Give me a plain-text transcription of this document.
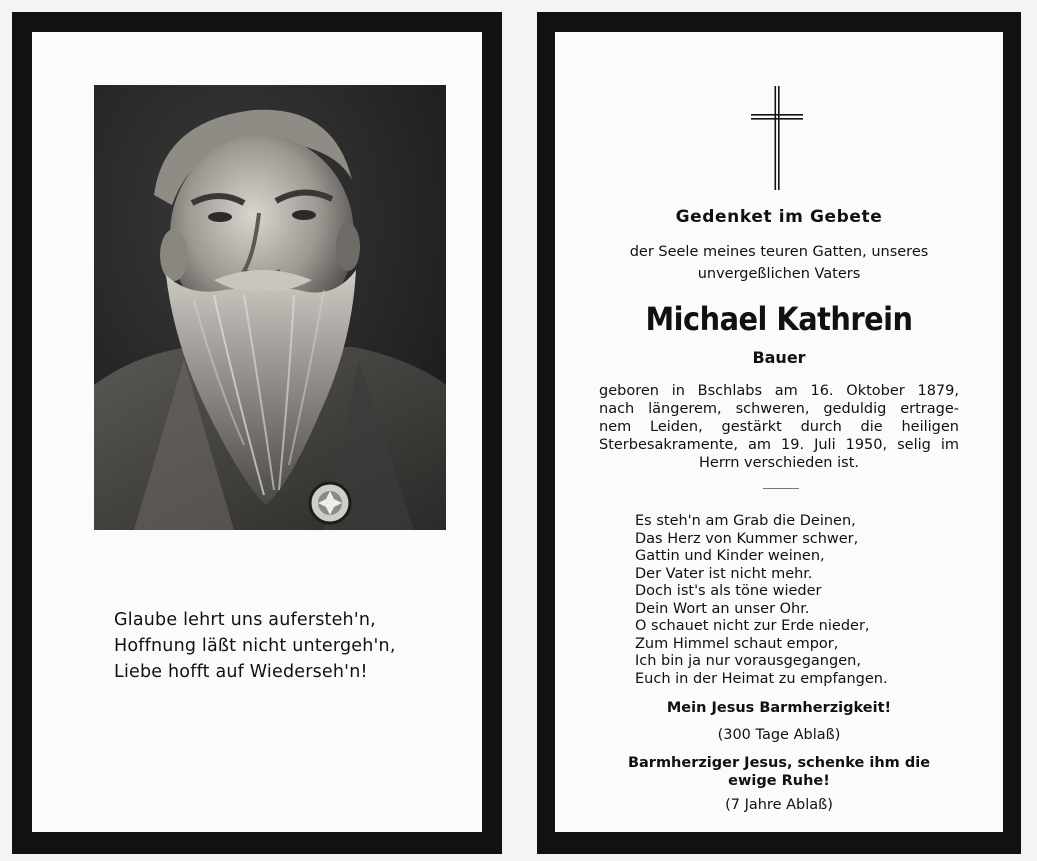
Glaube lehrt uns aufersteh'n,
Hoffnung läßt nicht untergeh'n,
Liebe hofft auf Wiederseh'n!
Gedenket im Gebete
der Seele meines teuren Gatten, unseres
unvergeßlichen Vaters
Michael Kathrein
Bauer
geboren in Bschlabs am 16. Oktober 1879,
nach längerem, schweren, geduldig ertrage-
nem Leiden, gestärkt durch die heiligen
Sterbesakramente, am 19. Juli 1950, selig im
Herrn verschieden ist.
Es steh'n am Grab die Deinen,
Das Herz von Kummer schwer,
Gattin und Kinder weinen,
Der Vater ist nicht mehr.
Doch ist's als töne wieder
Dein Wort an unser Ohr.
O schauet nicht zur Erde nieder,
Zum Himmel schaut empor,
Ich bin ja nur vorausgegangen,
Euch in der Heimat zu empfangen.
Mein Jesus Barmherzigkeit!
(300 Tage Ablaß)
Barmherziger Jesus, schenke ihm die
ewige Ruhe!
(7 Jahre Ablaß)
